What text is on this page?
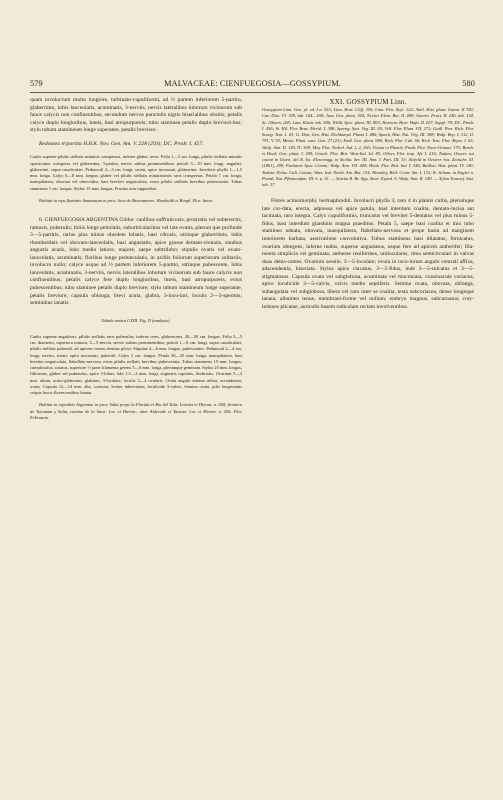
579	MALVACEAE: CIENFUEGOSIA—GOSSYPIUM.	580

quam involucrum multo longiore, turbinato-cupuliformi, ad ½ partem inferiorem 5-partito, glaberrimo, lobis lanceolatis, acuminatis, 3-nerviis, nervis lateralibus loborum vicinorum sub fauce calycis non confluentibus, secundum nervos punctulis nigris biserialibus obsitis; petalis calyce duplo longioribus, luteis, basi atropurpureis; tubo staminea petalis duplo breviori-bus; stylo tubum stamineum longe superante, petalis breviore.

Redoutea tripartita H.B.K. Nov. Gen. Am. V. 228 (293); DC. Prodr. I. 457.

Caulis superne pilulis stellatis minimis conspersus, inferne glaber, teres. Folia 1—3 cm. longa, pilulis stellatis minutis sparsissime conspersa vel glaberrima, 3-partita, nervis subtus prominentibus; petioli 5—10 mm. longi, angulati, glaberrimi, supra canaliculati. Pedunculi 2—3 cm. longi, striati, apice incrassati, glaberrimi. Involucri phylla 1—1,5 mm. longa. Calyx 6—8 mm. longus, glaber vel pilulis stellatis minutissimis raris conspersus. Petala 7 cm. longa, inaequilatera, obovata vel obovoidea, basi breviter unguiculata, extus pilulis stellatis brevibus pubescentia. Tubus stamineus 1 cm. longus. Stylus 15 mm. longus. Fructus non suppetebat.

Habitat in ripa fluminis Amazonum in prov. Jaen de Bracamoros: Humboldt et Bonpl. Flor. Junio.

6. CIENFUEGOSIA ARGENTINA Gürke: caulibus suffruticosis, prostratis vel subterectis, ramosis, puberulis; foliis longe petiolatis, suborbicularibus vel late ovatis, plerum que profunde 3—5-partitis, rarius plus minus obsolete lobatis, basi cdrosis, utrinque glaberrimis, lobis rhomboideis vel obovato-lanceolatis, basi angustatis, apice grosse dentato-crenatis, sinubus angustis acutis, lobo medio latiore, majore, saepe subtrilobo; stipulis ovatis vel ovato-lanceolatis, acuminatis; floribus longe pedunculatis, in axillis foliorum superiorum solitariis, involucro nullo; calyce usque ad ½ partem inferiorem 5-partito, utrinque pubescente, lobis lanceolatis, acuminatis, 3-nerviis, nervis lateralibus loborum vicinorum sub fauce calycis non confluentibus; petalis calyce fere duplo longioribus, luteis, basi atropurpureis, extus pubescentibus; tubo staminee petalis duplo breviore; stylo tubum stamineum longe superante, petalis breviore; capsula oblonga, brevi acuta, glabra, 3-locu-lari, loculis 2—3-spermis; seminibus lanatis.

Tabula nostra CXIII. Fig. II (analysis).

Caulis superne angulosus, pilulis stellatis raris puberulus, inferne teres, glabrescens, 20—50 cm. longus. Folia 3—5 cm. diametro, superiora minora, 3—5-nervia, nervis subtus prominentibus; petioli 1—8 cm. longi, supra canaliculati, pilulis stellatis puberuli, ad apicem versus densius pilosi. Stipulae 4—6 mm. longae, pubescentes. Pedunculi 2—4 cm. longi, teretes, striati, apice incrassati, puberuli. Calyx 2 cm. longus. Petala 30—35 mm. longa, inaequilatera, basi breviter unguiculata, flabellato-nervosa, extus pilulis stellatis brevibus pubescentia. Tubus stamineus 15 mm. longus, cumulosulus, striatus, superiore ½ parte filamenta gerens 5—6 mm. longa, plerumque geminata. Stylus 25 mm. longus, filiformis, glaber vel puberulus, apice 3-lobus; lobi 1,5—2 mm. longi, stigmatis capitatis, fimbriatis. Ovarium 3—4 mm. altum, acuto-globosum, glabrum, 3-loculare, loculis 3—4 ovulatis. Ovula angulo interno affixa, ascendentia, ovata. Capsula 12—14 mm. alta, coriacea, leviter tuberculata, loculicide 3-valvis. Semina ovata, pilis longissimis crispis fusco-flavescentibus lanata.

Habitat in expeditio Argentina in prov. Salta prope la Florida et Rio del Tala: Lorentz et Hieron. n. 384; frontera de Tucuman y Salta, camino de la linea: Lor. et Hieron.; inter Alderade et Tacana: Lor. et Hieron. n. 206. Flor. Februario.

XXI. GOSSYPIUM Linn.

Gossypium Linn. Gen. pl. ed. I n. 553; Linn. Hort. Cliff. 350; Linn. Flor. Zeyl. 122; Aubl. Hist. plant. Guian. II 700; Cav. Diss. VI. 309, tab. 164—169; Juss. Gen. plant. 304; Necker Elem. Bot. II. 409; Gaertn. Fruct. II. 246. tab. 134, Sc. Observ. 265; Lam. Illustr. tab. 586; Willd. Spec. plant. III. 803; Hornem. Hort. Hafn. II. 657, Suppl. 78; DC. Prodr. I. 456; St. Hil. Flor. Bras. Merid. I. 388; Spreng. Syst. Veg. III. 95; Vell. Flor. Flum. VII. 271; Guill. Perr. Rich. Flor. Seneg. Tent. I. 63; G. Don, Gen. Hist. Dichlamyd. Plants I. 486; Spach, Hist. Nat. Vég. III. 388; Walp. Rep. I. 312, II. 791, V. 93; Meisn. Plant. vasc. Gen. 27 (23); Endl. Gen. plant. 984; Rich. Flor. Cub. 56; Rich. Tent. Flor. Abyss. I. 63; Walp. Ann. II. 149, IV. 309; Miq. Flor. Nederl. Ind. I, 2, 160; Triana et Planch. Prodr. Flor. Novo-Granat. 170; Benth. et Hook. Gen. plant. I. 209; Griseb. Flor. Brit. West-Ind. Isl. 85; Oliver, Flor. trop. Afr. I. 210; Todaro, Osserv. sui cotoni in Giorn. del R. Ist. d'Incoragg. in Sicilia. Ser. III. Ann. I. Part. III. 33; Alefeld in Oesterr. bot. Zeitschr. XI. (1861), 299; Parlatore Spec. Cotoni; Walp. Ann. VII. 409; Hook. Flor. Brit. Ind. I. 346; Baillon. Hist. plant. IV. 149; Todaro, Relaz. Cult. Cotoni; Wats. Ind. North. Am. Bot. 134; Hemsley, Biol. Centr. Am. I. 133; K. Schum. in Engler u. Prantl, Nat. Pflanzenfam. III. 6. p. 51. — Sturtia R. Br. App. Sturt. Exped. 5; Walp. Ann. II. 149. — Xylon Tournef. Inst. tab. 37.

Flores actinomorphi, hermaphroditi. Involucri phylla 3, raro 4 in plantis cultis, plerumque late cor-data, erecta, adpressa vel apice patula, basi interdum coalita, dentato-incisa aut laciniata, raro integra. Calyx cupuliformis, truncatus vel breviter 5-dentatus vel plus minus 5-fidus, basi interdum glandulis magna praeditus. Petala 5, saepe basi coalita et imo tubo stamineo adnata, obovata, inaequilatera, flabellato-nervosa et prope basin ad marginem interiorem barbata, aestivatione convolutiva. Tubus stamineus basi dilatatus, fornicatus, ovarium obtegens, inferne nudus, superne angustatus, usque fere ad apicem antherifer; fila-menta simplicia vel geminata; antherae reniformes, uniloculares, rima semicirculari in valvas duas dehis-centes. Ovarium sessile, 3—5-loculare; ovula in locu-lorum angulo centrali affixa, adscendentia, biseriata. Stylus apice clavatus, 3—5-fidus, inde 3—5-sulcatus et 3—5-stigmatosus. Capsula ovata vel subglobosa, acuminata vel mucronata, crassiuscule coriacea, apice loculicide 3—5-valvis, valvis medio septiferis. Semina ovata, obovata, oblonga, subangulata vel subglobosa, libera vel raro inter se coalita, testa subcoriacea, dense longeque lanata; albumen tenue, membrani-forme vel nullum; embryo magnus, subcuroatus; coty-ledones plicatae, auriculis basem radiculam rectam involventibus.
